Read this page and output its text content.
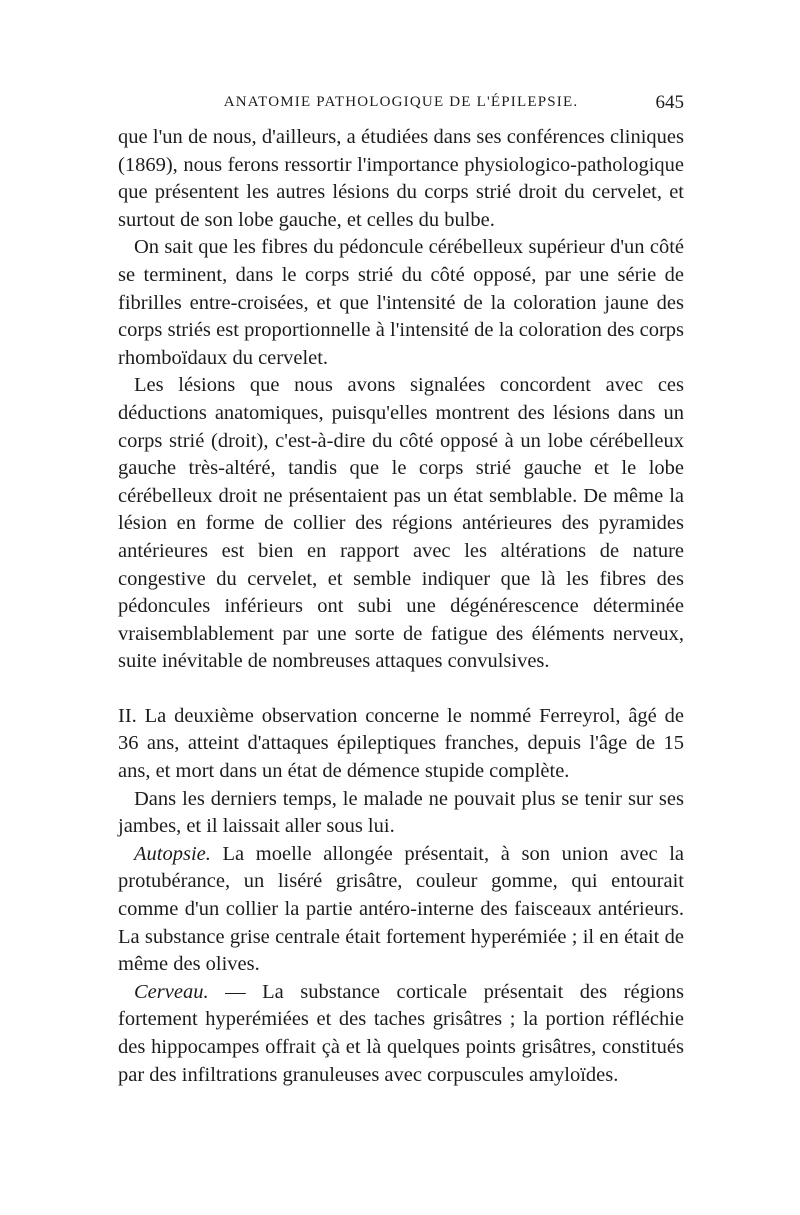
ANATOMIE PATHOLOGIQUE DE L'ÉPILEPSIE.	645

que l'un de nous, d'ailleurs, a étudiées dans ses conférences cliniques (1869), nous ferons ressortir l'importance physiologico-pathologique que présentent les autres lésions du corps strié droit du cervelet, et surtout de son lobe gauche, et celles du bulbe.

On sait que les fibres du pédoncule cérébelleux supérieur d'un côté se terminent, dans le corps strié du côté opposé, par une série de fibrilles entre-croisées, et que l'intensité de la coloration jaune des corps striés est proportionnelle à l'intensité de la coloration des corps rhomboïdaux du cervelet.

Les lésions que nous avons signalées concordent avec ces déductions anatomiques, puisqu'elles montrent des lésions dans un corps strié (droit), c'est-à-dire du côté opposé à un lobe cérébelleux gauche très-altéré, tandis que le corps strié gauche et le lobe cérébelleux droit ne présentaient pas un état semblable. De même la lésion en forme de collier des régions antérieures des pyramides antérieures est bien en rapport avec les altérations de nature congestive du cervelet, et semble indiquer que là les fibres des pédoncules inférieurs ont subi une dégénérescence déterminée vraisemblablement par une sorte de fatigue des éléments nerveux, suite inévitable de nombreuses attaques convulsives.

II. La deuxième observation concerne le nommé Ferreyrol, âgé de 36 ans, atteint d'attaques épileptiques franches, depuis l'âge de 15 ans, et mort dans un état de démence stupide complète.

Dans les derniers temps, le malade ne pouvait plus se tenir sur ses jambes, et il laissait aller sous lui.

Autopsie. La moelle allongée présentait, à son union avec la protubérance, un liséré grisâtre, couleur gomme, qui entourait comme d'un collier la partie antéro-interne des faisceaux antérieurs. La substance grise centrale était fortement hyperémiée ; il en était de même des olives.

Cerveau. — La substance corticale présentait des régions fortement hyperémiées et des taches grisâtres ; la portion réfléchie des hippocampes offrait çà et là quelques points grisâtres, constitués par des infiltrations granuleuses avec corpuscules amyloïdes.
